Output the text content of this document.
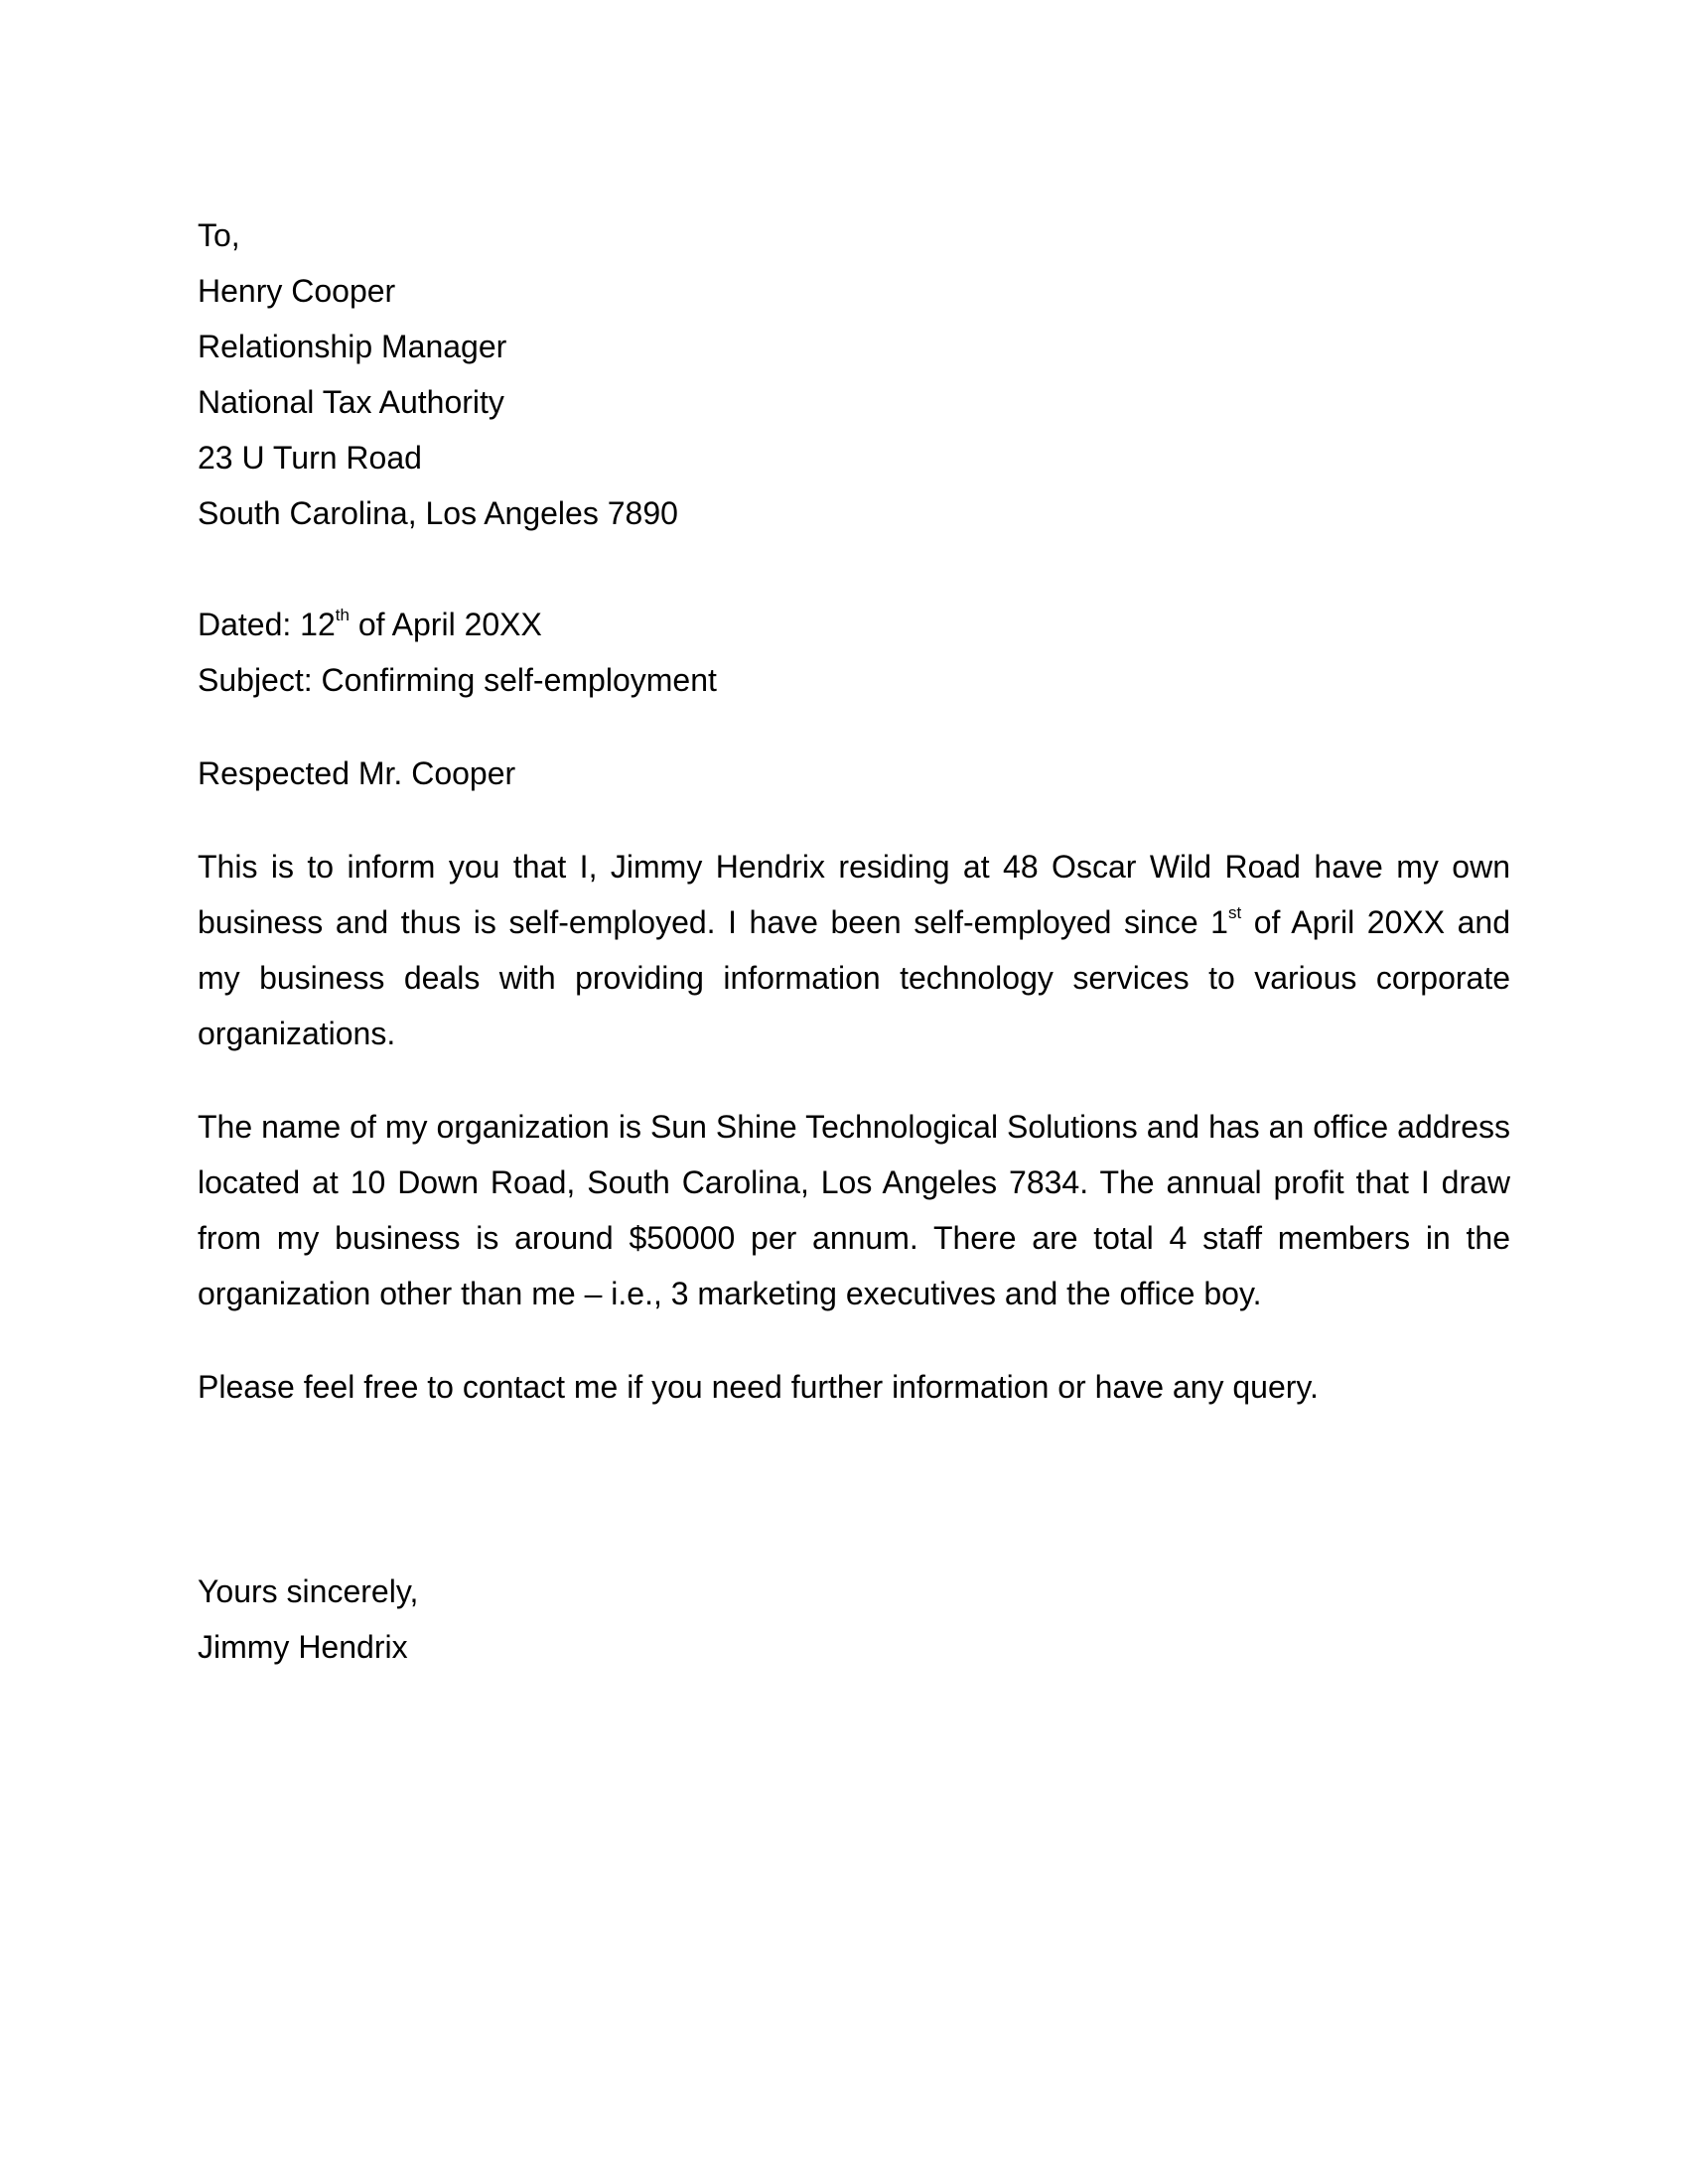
To,
Henry Cooper
Relationship Manager
National Tax Authority
23 U Turn Road
South Carolina, Los Angeles 7890
Dated: 12th of April 20XX
Subject: Confirming self-employment
Respected Mr. Cooper

This is to inform you that I, Jimmy Hendrix residing at 48 Oscar Wild Road have my own business and thus is self-employed. I have been self-employed since 1st of April 20XX and my business deals with providing information technology services to various corporate organizations.

The name of my organization is Sun Shine Technological Solutions and has an office address located at 10 Down Road, South Carolina, Los Angeles 7834. The annual profit that I draw from my business is around $50000 per annum. There are total 4 staff members in the organization other than me – i.e., 3 marketing executives and the office boy.

Please feel free to contact me if you need further information or have any query.

Yours sincerely,
Jimmy Hendrix
